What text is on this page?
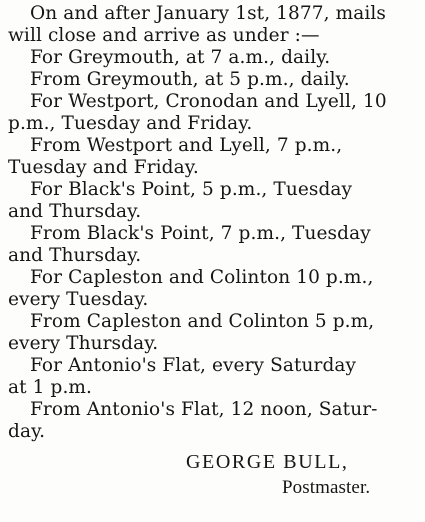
On and after January 1st, 1877, mails
will close and arrive as under :—
For Greymouth, at 7 a.m., daily.
From Greymouth, at 5 p.m., daily.
For Westport, Cronodan and Lyell, 10
p.m., Tuesday and Friday.
From Westport and Lyell, 7 p.m.,
Tuesday and Friday.
For Black's Point, 5 p.m., Tuesday
and Thursday.
From Black's Point, 7 p.m., Tuesday
and Thursday.
For Capleston and Colinton 10 p.m.,
every Tuesday.
From Capleston and Colinton 5 p.m,
every Thursday.
For Antonio's Flat, every Saturday
at 1 p.m.
From Antonio's Flat, 12 noon, Satur-
day.
GEORGE BULL,
Postmaster.
